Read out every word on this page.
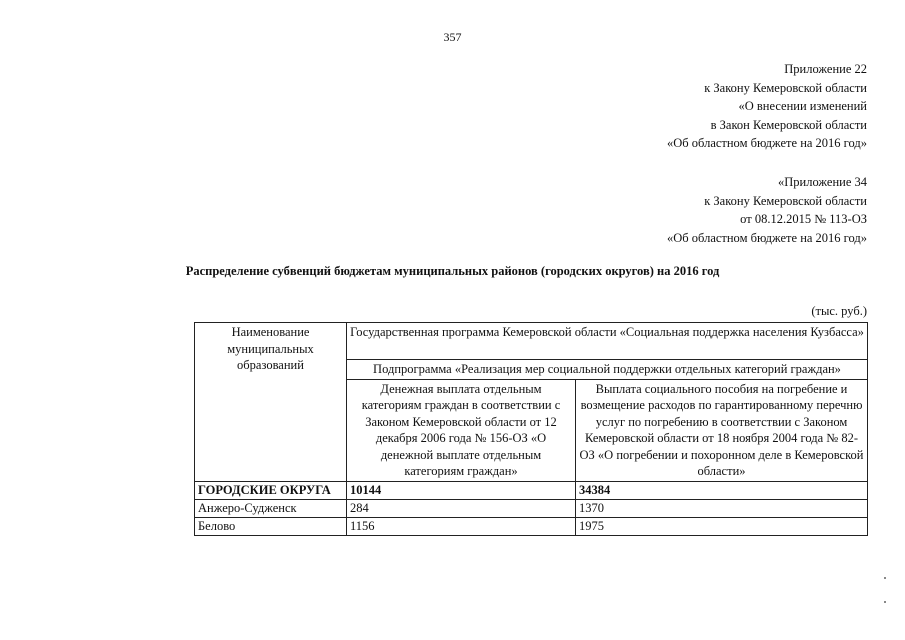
357
Приложение 22
к Закону Кемеровской области
«О внесении изменений
в Закон Кемеровской области
«Об областном бюджете на 2016 год»
«Приложение 34
к Закону Кемеровской области
от 08.12.2015 № 113-ОЗ
«Об областном бюджете на 2016 год»
Распределение субвенций бюджетам муниципальных районов (городских округов) на 2016 год
(тыс. руб.)
Наименование муниципальных образований	Государственная программа Кемеровской области «Социальная поддержка населения Кузбасса»	
	Подпрограмма «Реализация мер социальной поддержки отдельных категорий граждан»	
	Денежная выплата отдельным категориям граждан в соответствии с Законом Кемеровской области от 12 декабря 2006 года № 156-ОЗ «О денежной выплате отдельным категориям граждан»	Выплата социального пособия на погребение и возмещение расходов по гарантированному перечню услуг по погребению в соответствии с Законом Кемеровской области от 18 ноября 2004 года № 82-ОЗ «О погребении и похоронном деле в Кемеровской области»
ГОРОДСКИЕ ОКРУГА	10144	34384
Анжеро-Судженск	284	1370
Белово	1156	1975
